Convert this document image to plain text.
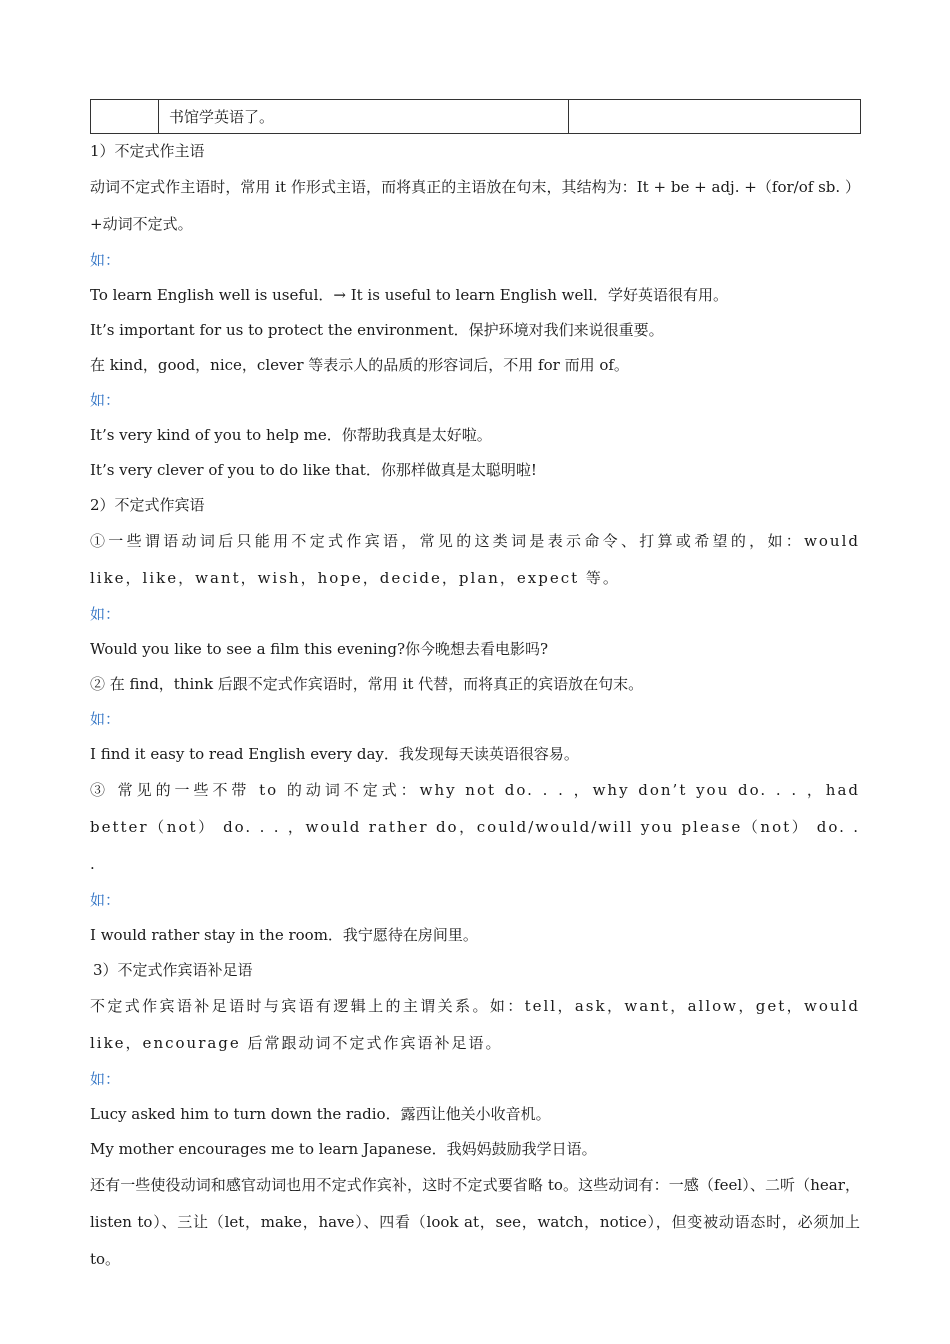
	书馆学英语了。	
1）不定式作主语
动词不定式作主语时，常用 it 作形式主语，而将真正的主语放在句末，其结构为：It + be + adj. +（for/of sb. ）+动词不定式。
如：
To learn English well is useful．→ It is useful to learn English well．学好英语很有用。
It’s important for us to protect the environment．保护环境对我们来说很重要。
在 kind，good，nice，clever 等表示人的品质的形容词后，不用 for 而用 of。
如：
It’s very kind of you to help me．你帮助我真是太好啦。
It’s very clever of you to do like that．你那样做真是太聪明啦!
2）不定式作宾语
①一些谓语动词后只能用不定式作宾语，常见的这类词是表示命令、打算或希望的，如：would like，like，want，wish，hope，decide，plan，expect 等。
如：
Would you like to see a film this evening?你今晚想去看电影吗?
② 在 find，think 后跟不定式作宾语时，常用 it 代替，而将真正的宾语放在句末。
如：
I find it easy to read English every day．我发现每天读英语很容易。
③ 常见的一些不带 to 的动词不定式：why not do. . . ，why don’t you do. . . ，had better（not） do. . . ，would rather do，could/would/will you please（not） do. . .
如：
I would rather stay in the room．我宁愿待在房间里。
3）不定式作宾语补足语
不定式作宾语补足语时与宾语有逻辑上的主谓关系。如：tell，ask，want，allow，get，would like，encourage 后常跟动词不定式作宾语补足语。
如：
Lucy asked him to turn down the radio．露西让他关小收音机。
My mother encourages me to learn Japanese．我妈妈鼓励我学日语。
还有一些使役动词和感官动词也用不定式作宾补，这时不定式要省略 to。这些动词有：一感（feel）、二听（hear，listen to）、三让（let，make，have）、四看（look at，see，watch，notice），但变被动语态时，必须加上 to。
